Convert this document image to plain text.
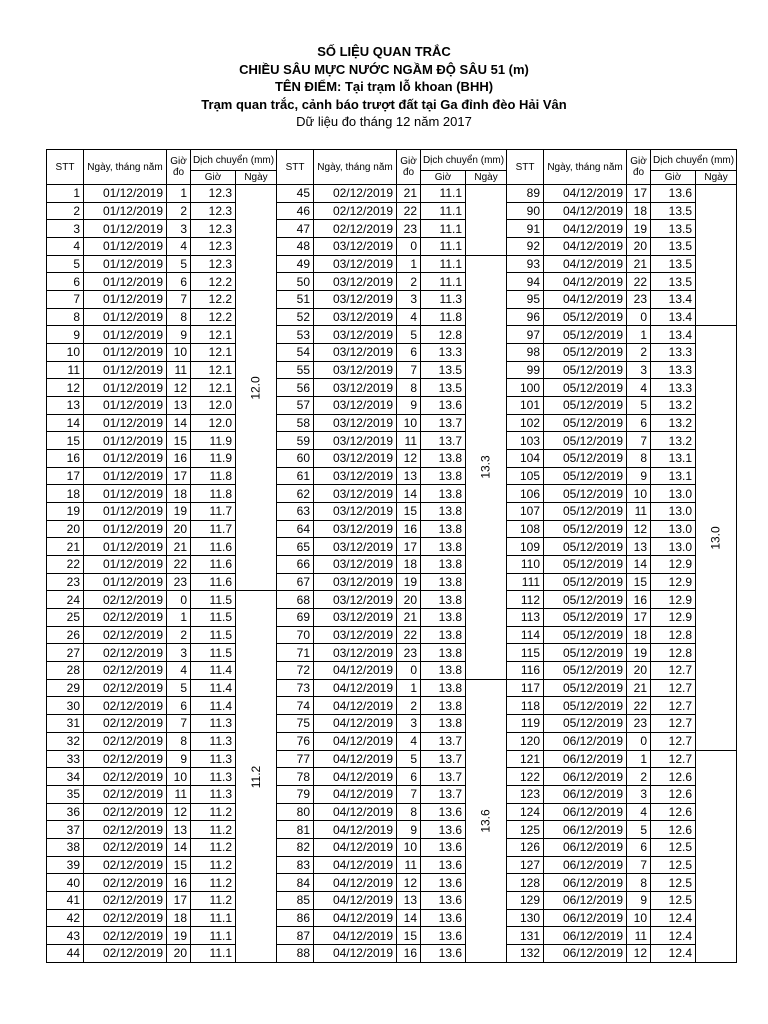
SỐ LIỆU QUAN TRẮC
CHIỀU SÂU MỰC NƯỚC NGẦM ĐỘ SÂU 51 (m)
TÊN ĐIỂM: Tại trạm lỗ khoan (BHH)
Trạm quan trắc, cảnh báo trượt đất tại Ga đỉnh đèo Hải Vân
Dữ liệu đo tháng 12 năm 2017
STT	Ngày, tháng năm	Giờ đo	Dịch chuyển (mm)		STT	Ngày, tháng năm	Giờ đo	Dịch chuyển (mm)		STT	Ngày, tháng năm	Giờ đo	Dịch chuyển (mm)	
			Giờ	Ngày				Giờ	Ngày				Giờ	Ngày
1	01/12/2019	1	12.3	12.0	45	02/12/2019	21	11.1		89	04/12/2019	17	13.6	
2	01/12/2019	2	12.3		46	02/12/2019	22	11.1		90	04/12/2019	18	13.5	
3	01/12/2019	3	12.3		47	02/12/2019	23	11.1		91	04/12/2019	19	13.5	
4	01/12/2019	4	12.3		48	03/12/2019	0	11.1		92	04/12/2019	20	13.5	
5	01/12/2019	5	12.3		49	03/12/2019	1	11.1	13.3	93	04/12/2019	21	13.5	
6	01/12/2019	6	12.2		50	03/12/2019	2	11.1		94	04/12/2019	22	13.5	
7	01/12/2019	7	12.2		51	03/12/2019	3	11.3		95	04/12/2019	23	13.4	
8	01/12/2019	8	12.2		52	03/12/2019	4	11.8		96	05/12/2019	0	13.4	
9	01/12/2019	9	12.1		53	03/12/2019	5	12.8		97	05/12/2019	1	13.4	13.0
10	01/12/2019	10	12.1		54	03/12/2019	6	13.3		98	05/12/2019	2	13.3	
11	01/12/2019	11	12.1		55	03/12/2019	7	13.5		99	05/12/2019	3	13.3	
12	01/12/2019	12	12.1		56	03/12/2019	8	13.5		100	05/12/2019	4	13.3	
13	01/12/2019	13	12.0		57	03/12/2019	9	13.6		101	05/12/2019	5	13.2	
14	01/12/2019	14	12.0		58	03/12/2019	10	13.7		102	05/12/2019	6	13.2	
15	01/12/2019	15	11.9		59	03/12/2019	11	13.7		103	05/12/2019	7	13.2	
16	01/12/2019	16	11.9		60	03/12/2019	12	13.8		104	05/12/2019	8	13.1	
17	01/12/2019	17	11.8		61	03/12/2019	13	13.8		105	05/12/2019	9	13.1	
18	01/12/2019	18	11.8		62	03/12/2019	14	13.8		106	05/12/2019	10	13.0	
19	01/12/2019	19	11.7		63	03/12/2019	15	13.8		107	05/12/2019	11	13.0	
20	01/12/2019	20	11.7		64	03/12/2019	16	13.8		108	05/12/2019	12	13.0	
21	01/12/2019	21	11.6		65	03/12/2019	17	13.8		109	05/12/2019	13	13.0	
22	01/12/2019	22	11.6		66	03/12/2019	18	13.8		110	05/12/2019	14	12.9	
23	01/12/2019	23	11.6		67	03/12/2019	19	13.8		111	05/12/2019	15	12.9	
24	02/12/2019	0	11.5	11.2	68	03/12/2019	20	13.8		112	05/12/2019	16	12.9	
25	02/12/2019	1	11.5		69	03/12/2019	21	13.8		113	05/12/2019	17	12.9	
26	02/12/2019	2	11.5		70	03/12/2019	22	13.8		114	05/12/2019	18	12.8	
27	02/12/2019	3	11.5		71	03/12/2019	23	13.8		115	05/12/2019	19	12.8	
28	02/12/2019	4	11.4		72	04/12/2019	0	13.8		116	05/12/2019	20	12.7	
29	02/12/2019	5	11.4		73	04/12/2019	1	13.8	13.6	117	05/12/2019	21	12.7	
30	02/12/2019	6	11.4		74	04/12/2019	2	13.8		118	05/12/2019	22	12.7	
31	02/12/2019	7	11.3		75	04/12/2019	3	13.8		119	05/12/2019	23	12.7	
32	02/12/2019	8	11.3		76	04/12/2019	4	13.7		120	06/12/2019	0	12.7	
33	02/12/2019	9	11.3		77	04/12/2019	5	13.7		121	06/12/2019	1	12.7	
34	02/12/2019	10	11.3		78	04/12/2019	6	13.7		122	06/12/2019	2	12.6	
35	02/12/2019	11	11.3		79	04/12/2019	7	13.7		123	06/12/2019	3	12.6	
36	02/12/2019	12	11.2		80	04/12/2019	8	13.6		124	06/12/2019	4	12.6	
37	02/12/2019	13	11.2		81	04/12/2019	9	13.6		125	06/12/2019	5	12.6	
38	02/12/2019	14	11.2		82	04/12/2019	10	13.6		126	06/12/2019	6	12.5	
39	02/12/2019	15	11.2		83	04/12/2019	11	13.6		127	06/12/2019	7	12.5	
40	02/12/2019	16	11.2		84	04/12/2019	12	13.6		128	06/12/2019	8	12.5	
41	02/12/2019	17	11.2		85	04/12/2019	13	13.6		129	06/12/2019	9	12.5	
42	02/12/2019	18	11.1		86	04/12/2019	14	13.6		130	06/12/2019	10	12.4	
43	02/12/2019	19	11.1		87	04/12/2019	15	13.6		131	06/12/2019	11	12.4	
44	02/12/2019	20	11.1		88	04/12/2019	16	13.6		132	06/12/2019	12	12.4	
